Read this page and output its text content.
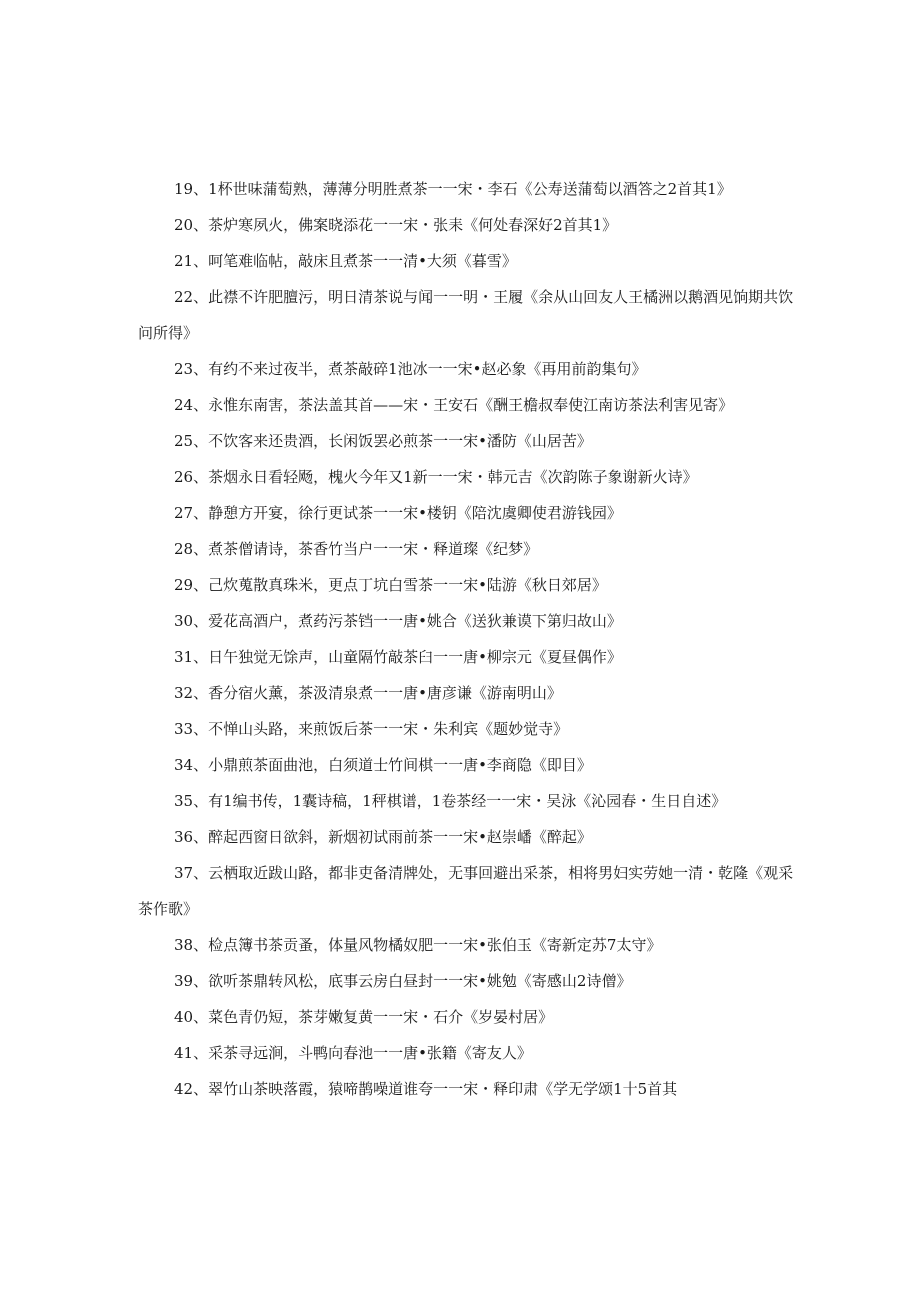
19、1杯世味蒲萄熟，薄薄分明胜煮茶一一宋・李石《公寿送蒲萄以酒答之2首其1》

20、茶炉寒夙火，佛案晓添花一一宋・张耒《何处春深好2首其1》

21、呵笔难临帖，敲床且煮茶一一清•大须《暮雪》

22、此襟不许肥膻污，明日清茶说与闻一一明・王履《余从山回友人王橘洲以鹅酒见饷期共饮问所得》

23、有约不来过夜半，煮茶敲碎1池冰一一宋•赵必象《再用前韵集句》

24、永惟东南害，茶法盖其首——宋・王安石《酬王檐叔奉使江南访茶法利害见寄》

25、不饮客来还贵酒，长闲饭罢必煎茶一一宋•潘防《山居苦》

26、茶烟永日看轻飏，槐火今年又1新一一宋・韩元吉《次韵陈子象谢新火诗》

27、静憩方开宴，徐行更试茶一一宋•楼钥《陪沈虞卿使君游钱园》

28、煮茶僧请诗，茶香竹当户一一宋・释道璨《纪梦》

29、己炊蒐散真珠米，更点丁坑白雪茶一一宋•陆游《秋日郊居》

30、爱花高酒户，煮药污茶铛一一唐•姚合《送狄兼谟下第归故山》

31、日午独觉无馀声，山童隔竹敲茶臼一一唐•柳宗元《夏昼偶作》

32、香分宿火薰，茶汲清泉煮一一唐•唐彦谦《游南明山》

33、不惮山头路，来煎饭后茶一一宋・朱利宾《题妙觉寺》

34、小鼎煎茶面曲池，白须道士竹间棋一一唐•李商隐《即目》

35、有1编书传，1囊诗稿，1秤棋谱，1卷茶经一一宋・吴泳《沁园春・生日自述》

36、醉起西窗日欲斜，新烟初试雨前茶一一宋•赵崇嶓《醉起》

37、云栖取近跋山路，都非吏备清牌处，无事回避出采茶，相将男妇实劳她一清・乾隆《观采茶作歌》

38、检点簿书茶贡蚤，体量风物橘奴肥一一宋•张伯玉《寄新定苏7太守》

39、欲听茶鼎转风松，底事云房白昼封一一宋•姚勉《寄感山2诗僧》

40、菜色青仍短，茶芽嫩复黄一一宋・石介《岁晏村居》

41、采茶寻远涧，斗鸭向春池一一唐•张籍《寄友人》

42、翠竹山茶映落霞，猿啼鹊噪道谁夸一一宋・释印肃《学无学颂1十5首其
